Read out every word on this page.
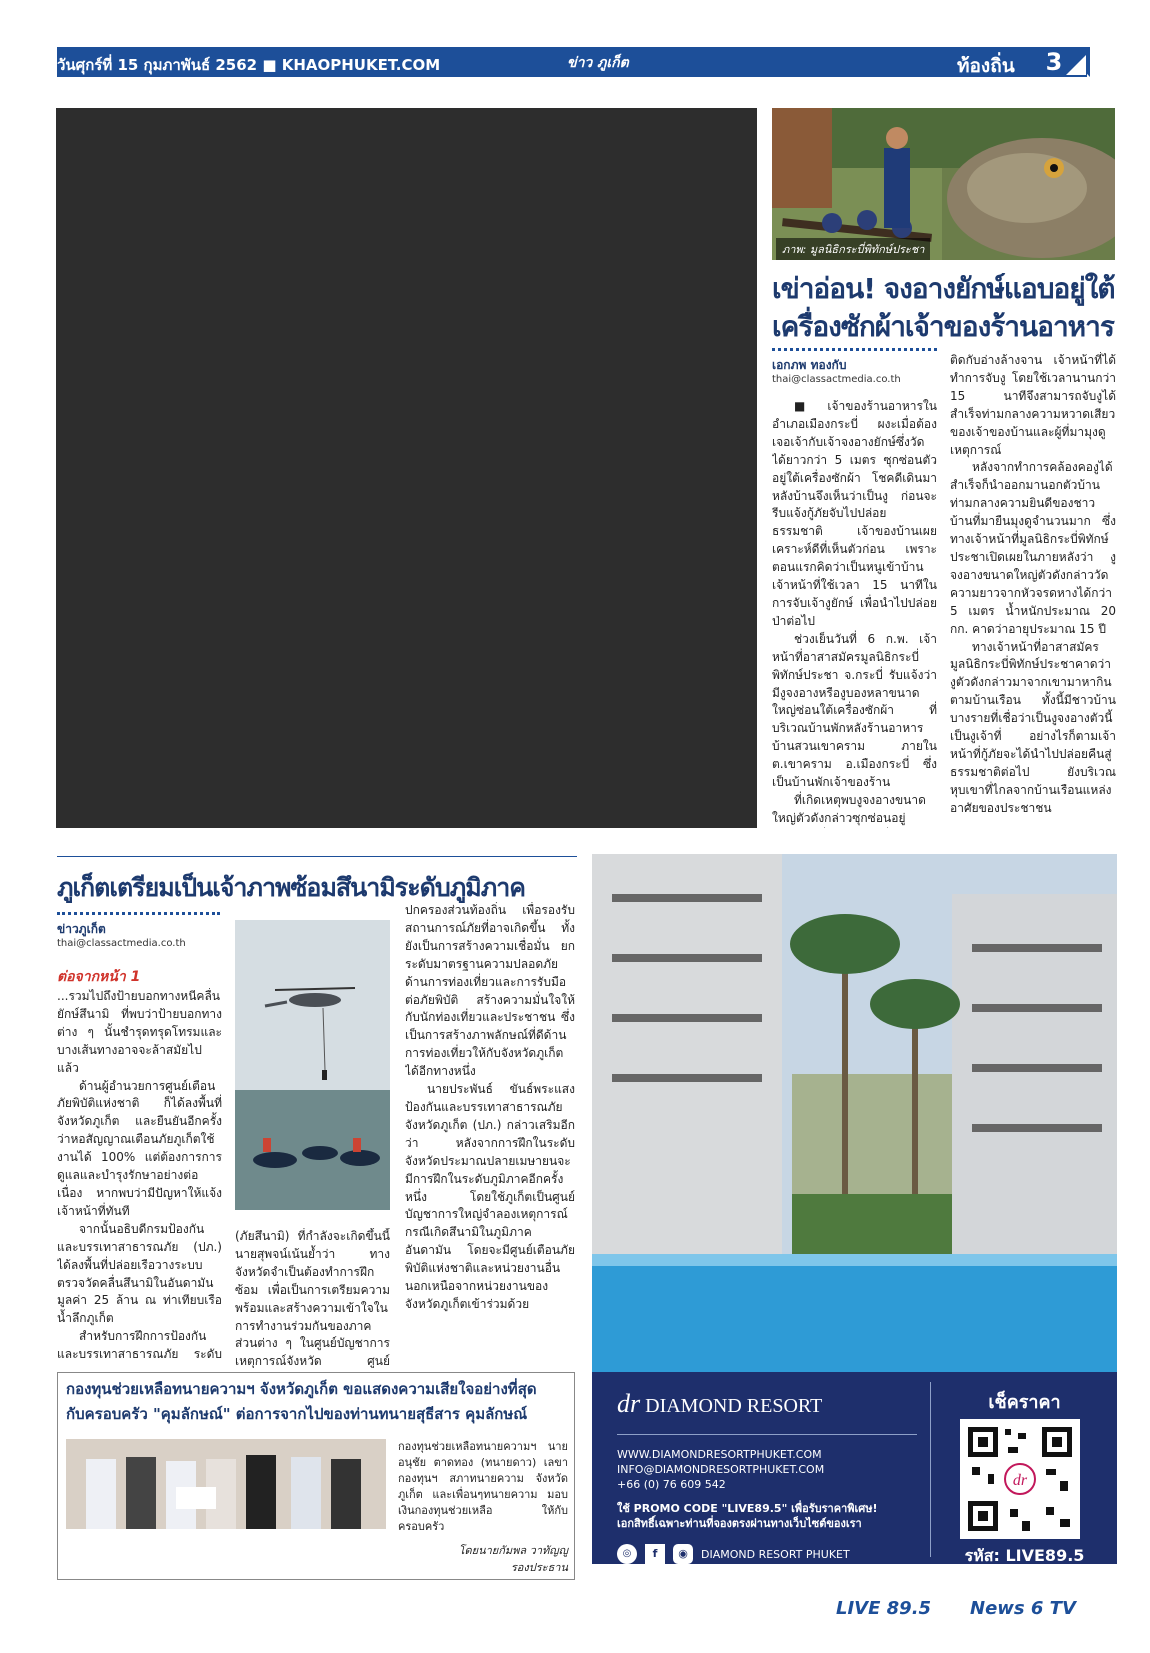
วันศุกร์ที่ 15 กุมภาพันธ์ 2562 ■ KHAOPHUKET.COM	ข่าว ภูเก็ต	ท้องถิ่น	3
ภาพ: มูลนิธิกระบี่พิทักษ์ประชา
เข่าอ่อน! จงอางยักษ์แอบอยู่ใต้
เครื่องซักผ้าเจ้าของร้านอาหาร
เอกภพ ทองกับ
thai@classactmedia.co.th

■ เจ้าของร้านอาหารในอำเภอเมืองกระบี่ ผงะเมื่อต้องเจอเจ้ากับเจ้าจงอางยักษ์ซึ่งวัดได้ยาวกว่า 5 เมตร ซุกซ่อนตัวอยู่ใต้เครื่องซักผ้า โชคดีเดินมาหลังบ้านจึงเห็นว่าเป็นงู ก่อนจะรีบแจ้งกู้ภัยจับไปปล่อยธรรมชาติ เจ้าของบ้านเผยเคราะห์ดีที่เห็นตัวก่อน เพราะตอนแรกคิดว่าเป็นหนูเข้าบ้าน เจ้าหน้าที่ใช้เวลา 15 นาทีในการจับเจ้างูยักษ์ เพื่อนำไปปล่อยป่าต่อไป

ช่วงเย็นวันที่ 6 ก.พ. เจ้าหน้าที่อาสาสมัครมูลนิธิกระบี่พิทักษ์ประชา จ.กระบี่ รับแจ้งว่า มีงูจงอางหรืองูบองหลาขนาดใหญ่ซ่อนใต้เครื่องซักผ้า ที่บริเวณบ้านพักหลังร้านอาหารบ้านสวนเขาคราม ภายใน ต.เขาคราม อ.เมืองกระบี่ ซึ่งเป็นบ้านพักเจ้าของร้าน

ที่เกิดเหตุพบงูจงอางขนาดใหญ่ตัวดังกล่าวซุกซ่อนอยู่

ติดกับอ่างล้างจาน เจ้าหน้าที่ได้ทำการจับงู โดยใช้เวลานานกว่า 15 นาทีจึงสามารถจับงูได้ สำเร็จท่ามกลางความหวาดเสียวของเจ้าของบ้านและผู้ที่มามุงดูเหตุการณ์

หลังจากทำการคล้องคองูได้สำเร็จก็นำออกมานอกตัวบ้านท่ามกลางความยินดีของชาวบ้านที่มายืนมุงดูจำนวนมาก ซึ่งทางเจ้าหน้าที่มูลนิธิกระบี่พิทักษ์ประชาเปิดเผยในภายหลังว่า งูจงอางขนาดใหญ่ตัวดังกล่าววัดความยาวจากหัวจรดหางได้กว่า 5 เมตร น้ำหนักประมาณ 20 กก. คาดว่าอายุประมาณ 15 ปี

ทางเจ้าหน้าที่อาสาสมัครมูลนิธิกระบี่พิทักษ์ประชาคาดว่างูตัวดังกล่าวมาจากเขามาหากินตามบ้านเรือน ทั้งนี้มีชาวบ้านบางรายที่เชื่อว่าเป็นงูจงอางตัวนี้เป็นงูเจ้าที่ อย่างไรก็ตามเจ้าหน้าที่กู้ภัยจะได้นำไปปล่อยคืนสู่ธรรมชาติต่อไป ยังบริเวณหุบเขาที่ไกลจากบ้านเรือนแหล่งอาศัยของประชาชน

ภูเก็ตเตรียมเป็นเจ้าภาพซ้อมสึนามิระดับภูมิภาค
ข่าวภูเก็ต
thai@classactmedia.co.th
ต่อจากหน้า 1

...รวมไปถึงป้ายบอกทางหนีคลื่นยักษ์สึนามิ ที่พบว่าป้ายบอกทางต่าง ๆ นั้นชำรุดทรุดโทรมและบางเส้นทางอาจจะล้าสมัยไปแล้ว

ด้านผู้อำนวยการศูนย์เตือนภัยพิบัติแห่งชาติ ก็ได้ลงพื้นที่จังหวัดภูเก็ต และยืนยันอีกครั้งว่าหอสัญญาณเตือนภัยภูเก็ตใช้งานได้ 100% แต่ต้องการการดูแลและบำรุงรักษาอย่างต่อเนื่อง หากพบว่ามีปัญหาให้แจ้งเจ้าหน้าที่ทันที

จากนั้นอธิบดีกรมป้องกันและบรรเทาสาธารณภัย (ปภ.) ได้ลงพื้นที่ปล่อยเรือวางระบบตรวจวัดคลื่นสึนามิในอันดามันมูลค่า 25 ล้าน ณ ท่าเทียบเรือน้ำลึกภูเก็ต

สำหรับการฝึกการป้องกันและบรรเทาสาธารณภัย ระดับ

(ภัยสึนามิ) ที่กำลังจะเกิดขึ้นนี้ นายสุพจน์เน้นย้ำว่า ทางจังหวัดจำเป็นต้องทำการฝึกซ้อม เพื่อเป็นการเตรียมความพร้อมและสร้างความเข้าใจในการทำงานร่วมกันของภาคส่วนต่าง ๆ ในศูนย์บัญชาการเหตุการณ์จังหวัด ศูนย์

ปกครองส่วนท้องถิ่น เพื่อรองรับสถานการณ์ภัยที่อาจเกิดขึ้น ทั้งยังเป็นการสร้างความเชื่อมั่น ยกระดับมาตรฐานความปลอดภัยด้านการท่องเที่ยวและการรับมือต่อภัยพิบัติ สร้างความมั่นใจให้กับนักท่องเที่ยวและประชาชน ซึ่งเป็นการสร้างภาพลักษณ์ที่ดีด้านการท่องเที่ยวให้กับจังหวัดภูเก็ตได้อีกทางหนึ่ง

นายประพันธ์ ขันธ์พระแสง ป้องกันและบรรเทาสาธารณภัยจังหวัดภูเก็ต (ปภ.) กล่าวเสริมอีกว่า หลังจากการฝึกในระดับจังหวัดประมาณปลายเมษายนจะมีการฝึกในระดับภูมิภาคอีกครั้งหนึ่ง โดยใช้ภูเก็ตเป็นศูนย์บัญชาการใหญ่จำลองเหตุการณ์กรณีเกิดสึนามิในภูมิภาคอันดามัน โดยจะมีศูนย์เตือนภัยพิบัติแห่งชาติและหน่วยงานอื่นนอกเหนือจากหน่วยงานของจังหวัดภูเก็ตเข้าร่วมด้วย

กองทุนช่วยเหลือทนายความฯ จังหวัดภูเก็ต ขอแสดงความเสียใจอย่างที่สุด
กับครอบครัว "คุมลักษณ์" ต่อการจากไปของท่านทนายสุธีสาร คุมลักษณ์
กองทุนช่วยเหลือทนายความฯ นายอนุชัย ตาดทอง (ทนายดาว) เลขากองทุนฯ สภาทนายความ จังหวัดภูเก็ต และเพื่อนๆทนายความ มอบเงินกองทุนช่วยเหลือ ให้กับครอบครัว
โดยนายกัมพล วาทัญญู
รองประธาน
dr DIAMOND RESORT
WWW.DIAMONDRESORTPHUKET.COM
INFO@DIAMONDRESORTPHUKET.COM
+66 (0) 76 609 542
ใช้ PROMO CODE "LIVE89.5" เพื่อรับราคาพิเศษ!
เอกสิทธิ์เฉพาะท่านที่จองตรงผ่านทางเว็บไซต์ของเรา
◎	f	◉	DIAMOND RESORT PHUKET
เช็คราคา
dr
รหัส: LIVE89.5
LIVE 89.5 News 6 TV
